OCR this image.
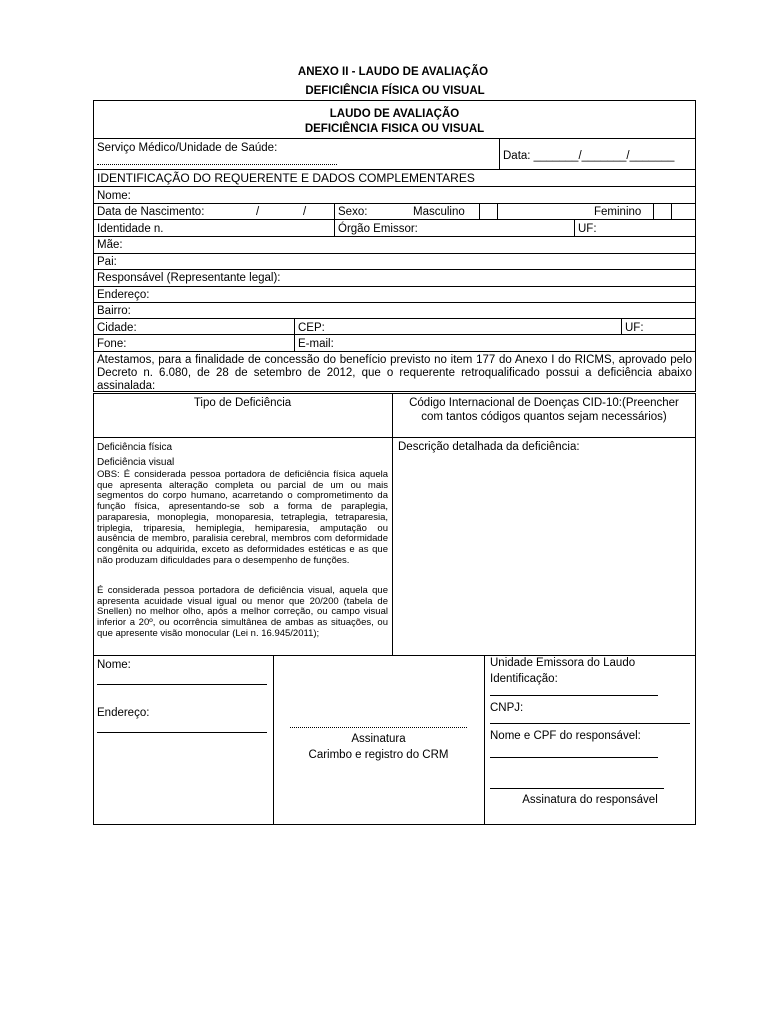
ANEXO II - LAUDO DE AVALIAÇÃO
DEFICIÊNCIA FÍSICA OU VISUAL
LAUDO DE AVALIAÇÃO
DEFICIÊNCIA FISICA OU VISUAL
Serviço Médico/Unidade de Saúde:
Data: _______/_______/_______
IDENTIFICAÇÃO DO REQUERENTE E DADOS COMPLEMENTARES
Nome:
Data de Nascimento:	/	/	Sexo:	Masculino	Feminino
Identidade n.	Órgão Emissor:	UF:
Mãe:
Pai:
Responsável (Representante legal):
Endereço:
Bairro:
Cidade:	CEP:	UF:
Fone:	E-mail:
Atestamos, para a finalidade de concessão do benefício previsto no item 177 do Anexo I do RICMS, aprovado pelo Decreto n. 6.080, de 28 de setembro de 2012, que o requerente retroqualificado possui a deficiência abaixo assinalada:
Tipo de Deficiência	Código Internacional de Doenças CID-10:(Preencher
com tantos códigos quantos sejam necessários)
Deficiência física
Deficiência visual
OBS: É considerada pessoa portadora de deficiência física aquela que apresenta alteração completa ou parcial de um ou mais segmentos do corpo humano, acarretando o comprometimento da função física, apresentando-se sob a forma de paraplegia, paraparesia, monoplegia, monoparesia, tetraplegia, tetraparesia, triplegia, triparesia, hemiplegia, hemiparesia, amputação ou ausência de membro, paralisia cerebral, membros com deformidade congênita ou adquirida, exceto as deformidades estéticas e as que não produzam dificuldades para o desempenho de funções.
É considerada pessoa portadora de deficiência visual, aquela que apresenta acuidade visual igual ou menor que 20/200 (tabela de Snellen) no melhor olho, após a melhor correção, ou campo visual inferior a 20º, ou ocorrência simultânea de ambas as situações, ou que apresente visão monocular (Lei n. 16.945/2011);
Descrição detalhada da deficiência:
Nome:
Endereço:
Assinatura
Carimbo e registro do CRM
Unidade Emissora do Laudo
Identificação:
CNPJ:
Nome e CPF do responsável:
Assinatura do responsável
